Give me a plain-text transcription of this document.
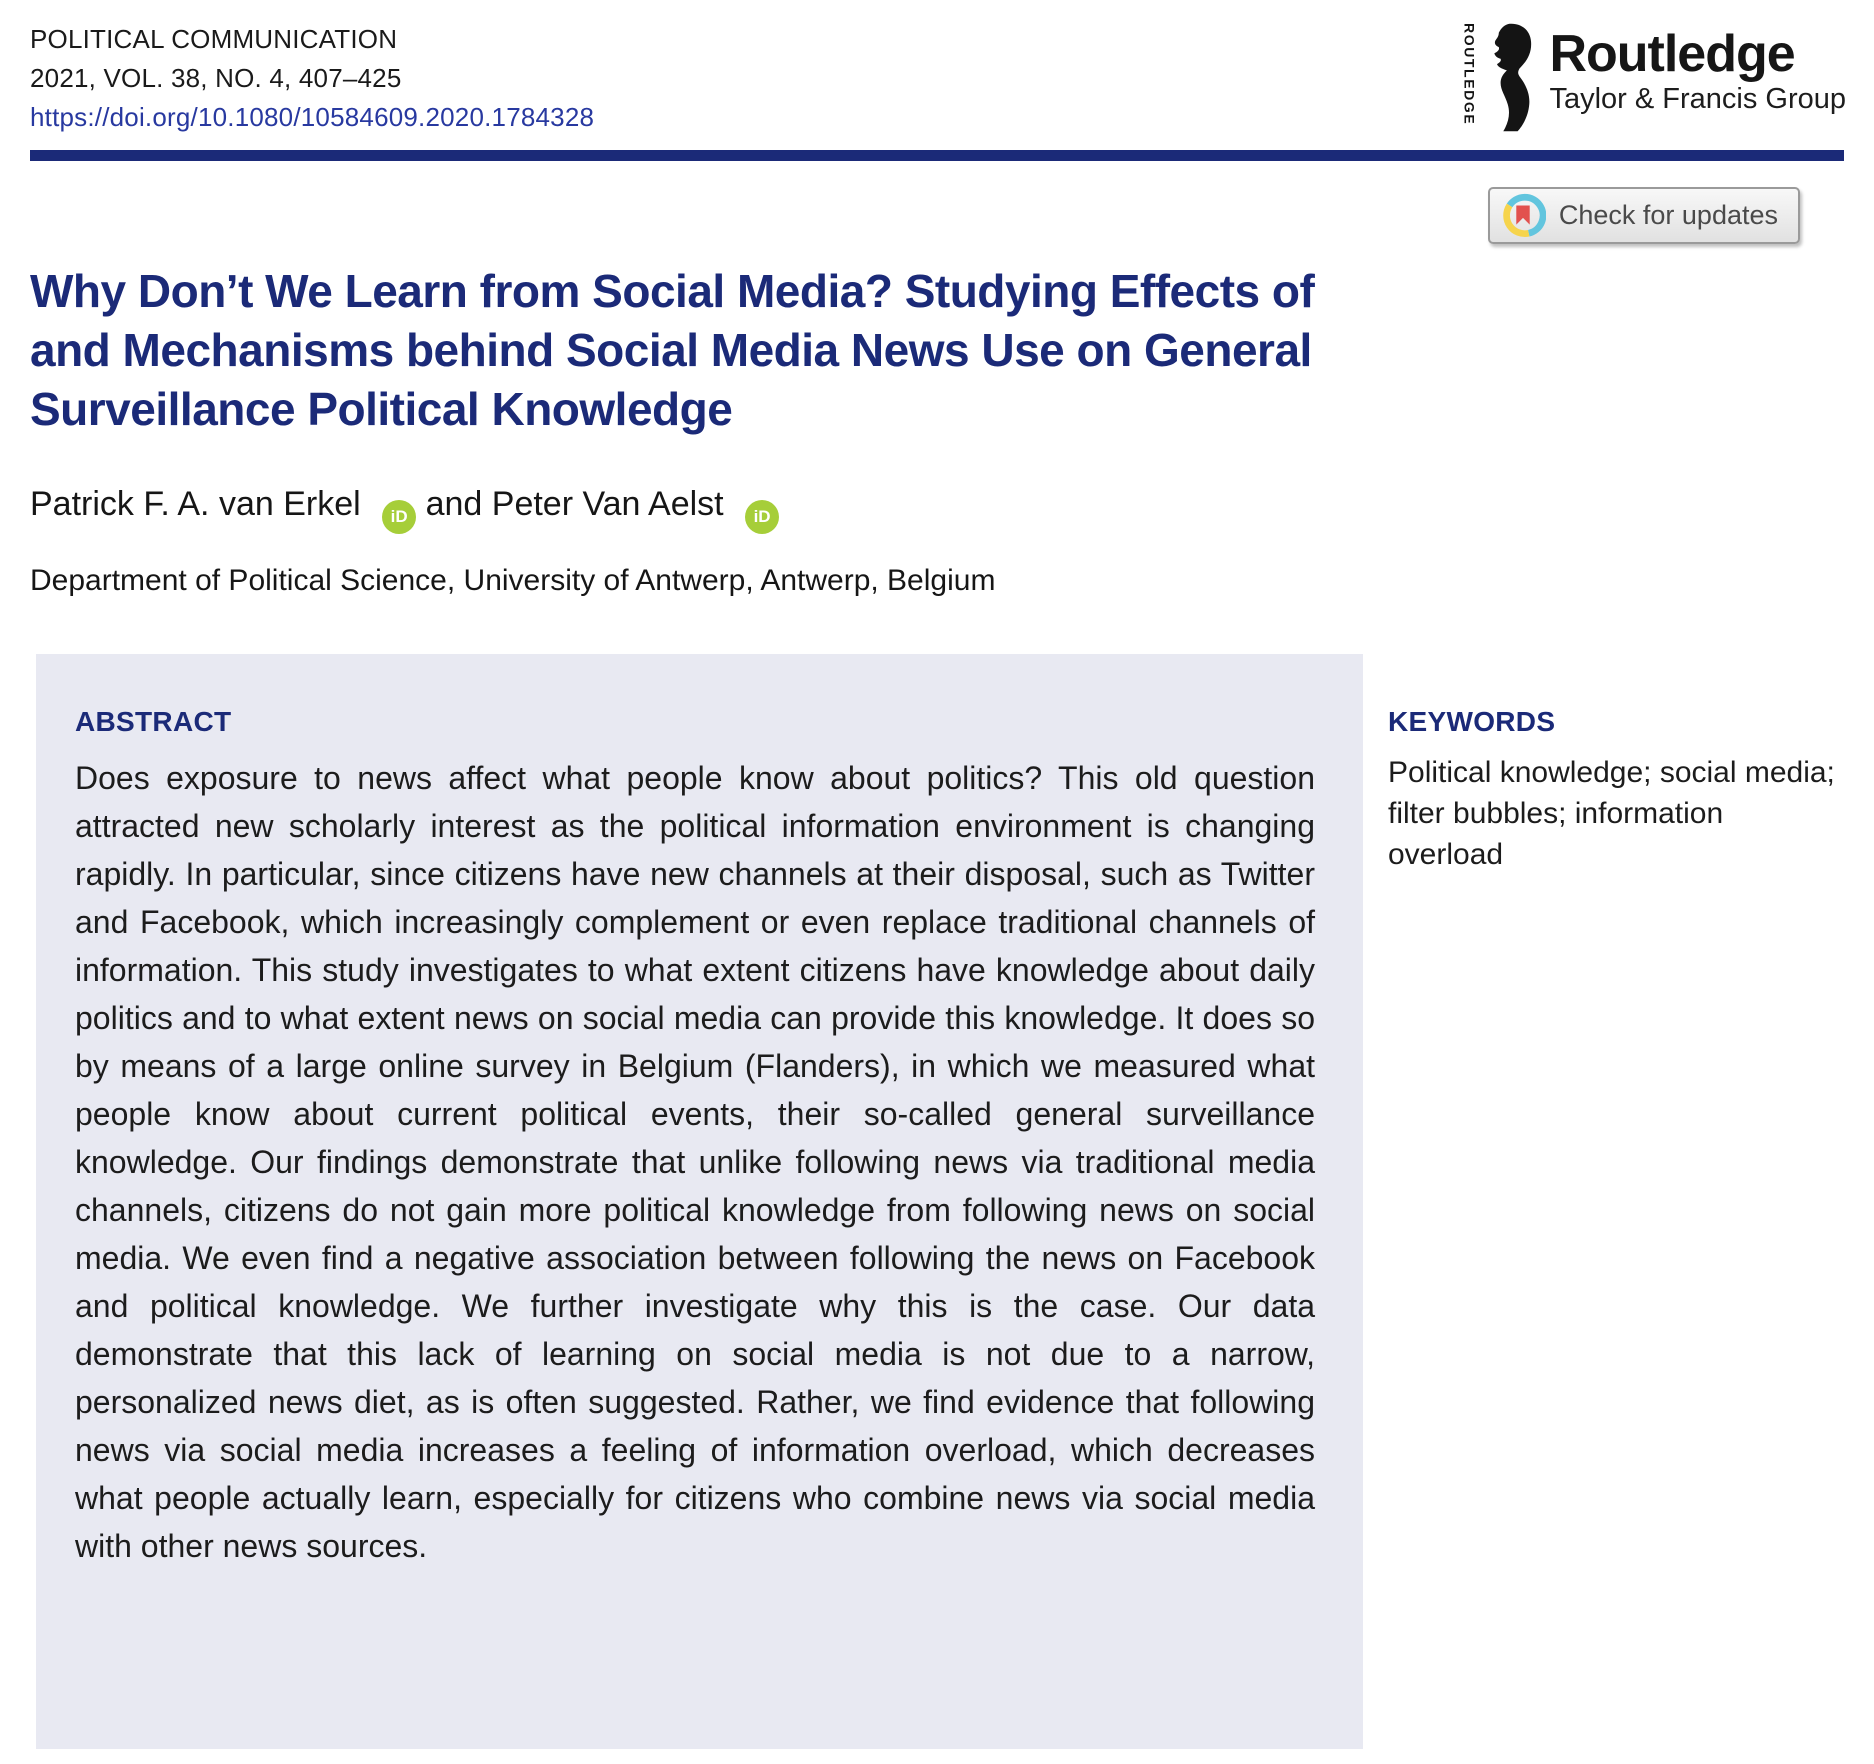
POLITICAL COMMUNICATION
2021, VOL. 38, NO. 4, 407–425
https://doi.org/10.1080/10584609.2020.1784328	ROUTLEDGE Routledge
Taylor & Francis Group
Check for updates
Why Don’t We Learn from Social Media? Studying Effects of
and Mechanisms behind Social Media News Use on General
Surveillance Political Knowledge
Patrick F. A. van Erkel iD and Peter Van Aelst iD
Department of Political Science, University of Antwerp, Antwerp, Belgium
ABSTRACT
Does exposure to news affect what people know about politics? This old question attracted new scholarly interest as the political information environment is changing rapidly. In particular, since citizens have new channels at their disposal, such as Twitter and Facebook, which increasingly complement or even replace traditional channels of information. This study investigates to what extent citizens have knowledge about daily politics and to what extent news on social media can provide this knowledge. It does so by means of a large online survey in Belgium (Flanders), in which we measured what people know about current political events, their so-called general surveillance knowledge. Our findings demonstrate that unlike following news via traditional media channels, citizens do not gain more political knowledge from following news on social media. We even find a negative association between following the news on Facebook and political knowledge. We further investigate why this is the case. Our data demonstrate that this lack of learning on social media is not due to a narrow, personalized news diet, as is often suggested. Rather, we find evidence that following news via social media increases a feeling of information overload, which decreases what people actually learn, especially for citizens who combine news via social media with other news sources.
KEYWORDS
Political knowledge; social media; filter bubbles; information overload
